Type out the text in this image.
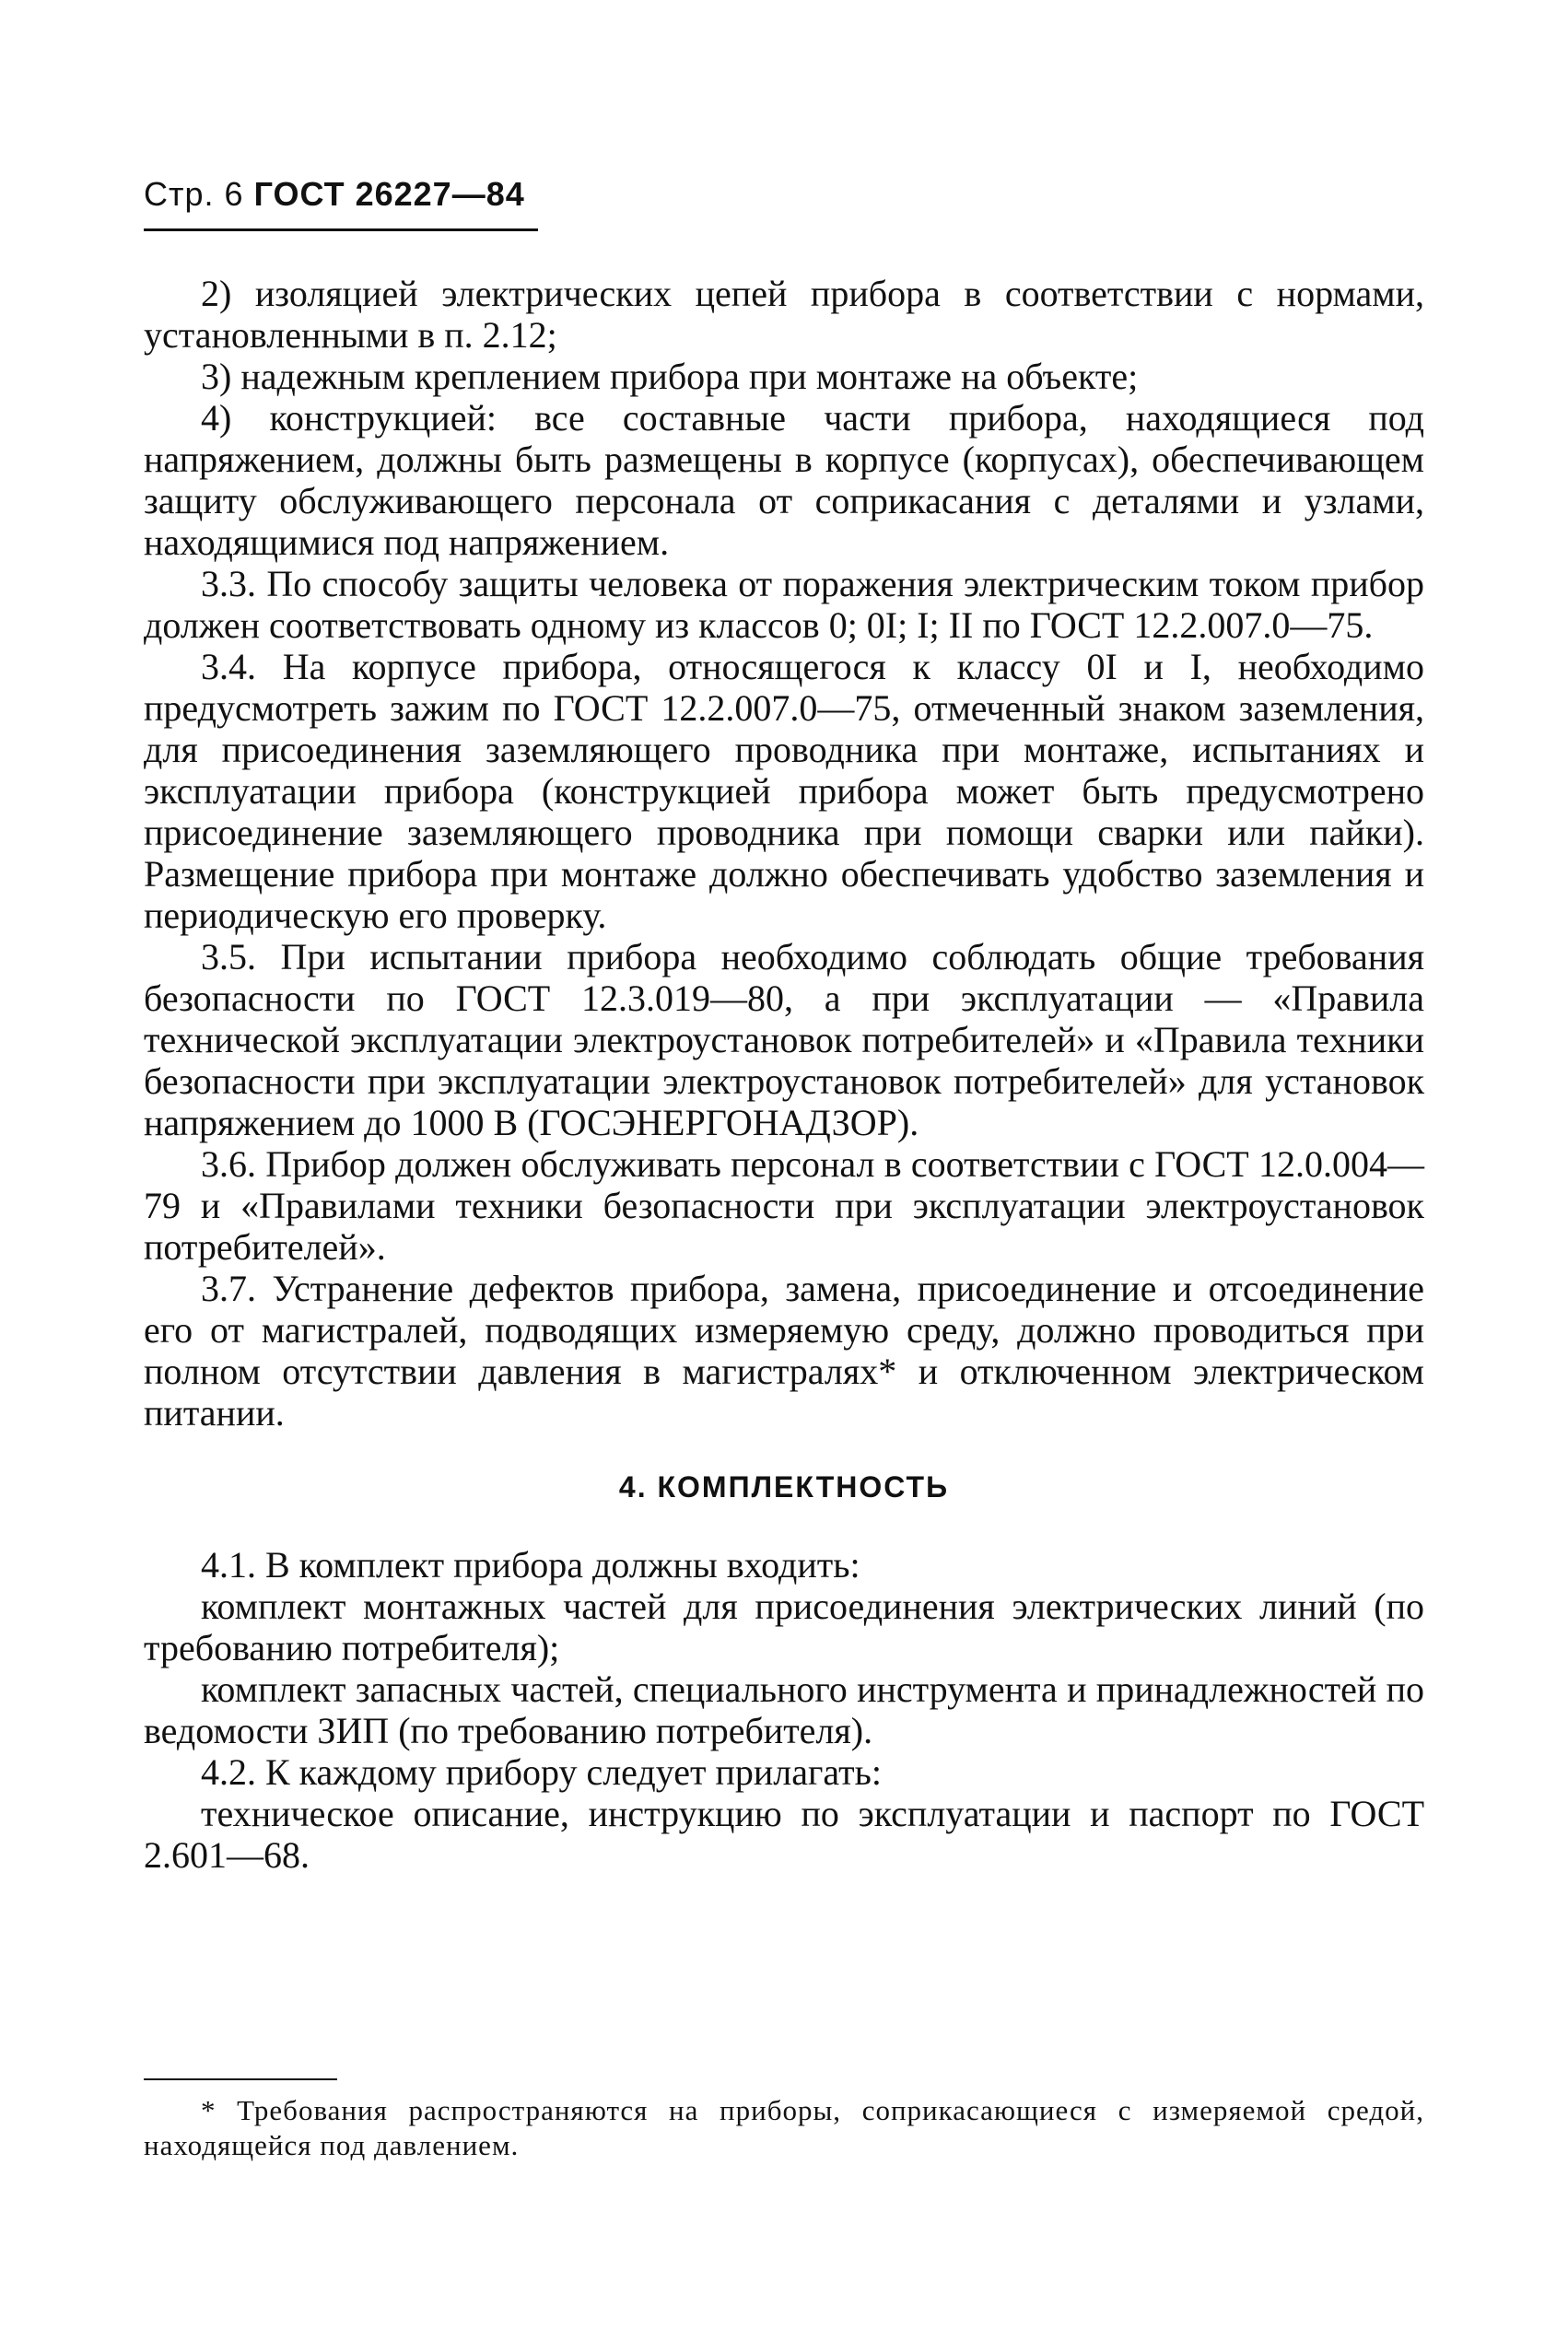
Стр. 6 ГОСТ 26227—84

2) изоляцией электрических цепей прибора в соответствии с нормами, установленными в п. 2.12;

3) надежным креплением прибора при монтаже на объекте;

4) конструкцией: все составные части прибора, находящиеся под напряжением, должны быть размещены в корпусе (корпусах), обеспечивающем защиту обслуживающего персонала от соприкасания с деталями и узлами, находящимися под напряжением.

3.3. По способу защиты человека от поражения электрическим током прибор должен соответствовать одному из классов 0; 0I; I; II по ГОСТ 12.2.007.0—75.

3.4. На корпусе прибора, относящегося к классу 0I и I, необходимо предусмотреть зажим по ГОСТ 12.2.007.0—75, отмеченный знаком заземления, для присоединения заземляющего проводника при монтаже, испытаниях и эксплуатации прибора (конструкцией прибора может быть предусмотрено присоединение заземляющего проводника при помощи сварки или пайки). Размещение прибора при монтаже должно обеспечивать удобство заземления и периодическую его проверку.

3.5. При испытании прибора необходимо соблюдать общие требования безопасности по ГОСТ 12.3.019—80, а при эксплуатации — «Правила технической эксплуатации электроустановок потребителей» и «Правила техники безопасности при эксплуатации электроустановок потребителей» для установок напряжением до 1000 В (ГОСЭНЕРГОНАДЗОР).

3.6. Прибор должен обслуживать персонал в соответствии с ГОСТ 12.0.004—79 и «Правилами техники безопасности при эксплуатации электроустановок потребителей».

3.7. Устранение дефектов прибора, замена, присоединение и отсоединение его от магистралей, подводящих измеряемую среду, должно проводиться при полном отсутствии давления в магистралях* и отключенном электрическом питании.

4. КОМПЛЕКТНОСТЬ

4.1. В комплект прибора должны входить:

комплект монтажных частей для присоединения электрических линий (по требованию потребителя);

комплект запасных частей, специального инструмента и принадлежностей по ведомости ЗИП (по требованию потребителя).

4.2. К каждому прибору следует прилагать:

техническое описание, инструкцию по эксплуатации и паспорт по ГОСТ 2.601—68.

* Требования распространяются на приборы, соприкасающиеся с измеряемой средой, находящейся под давлением.
